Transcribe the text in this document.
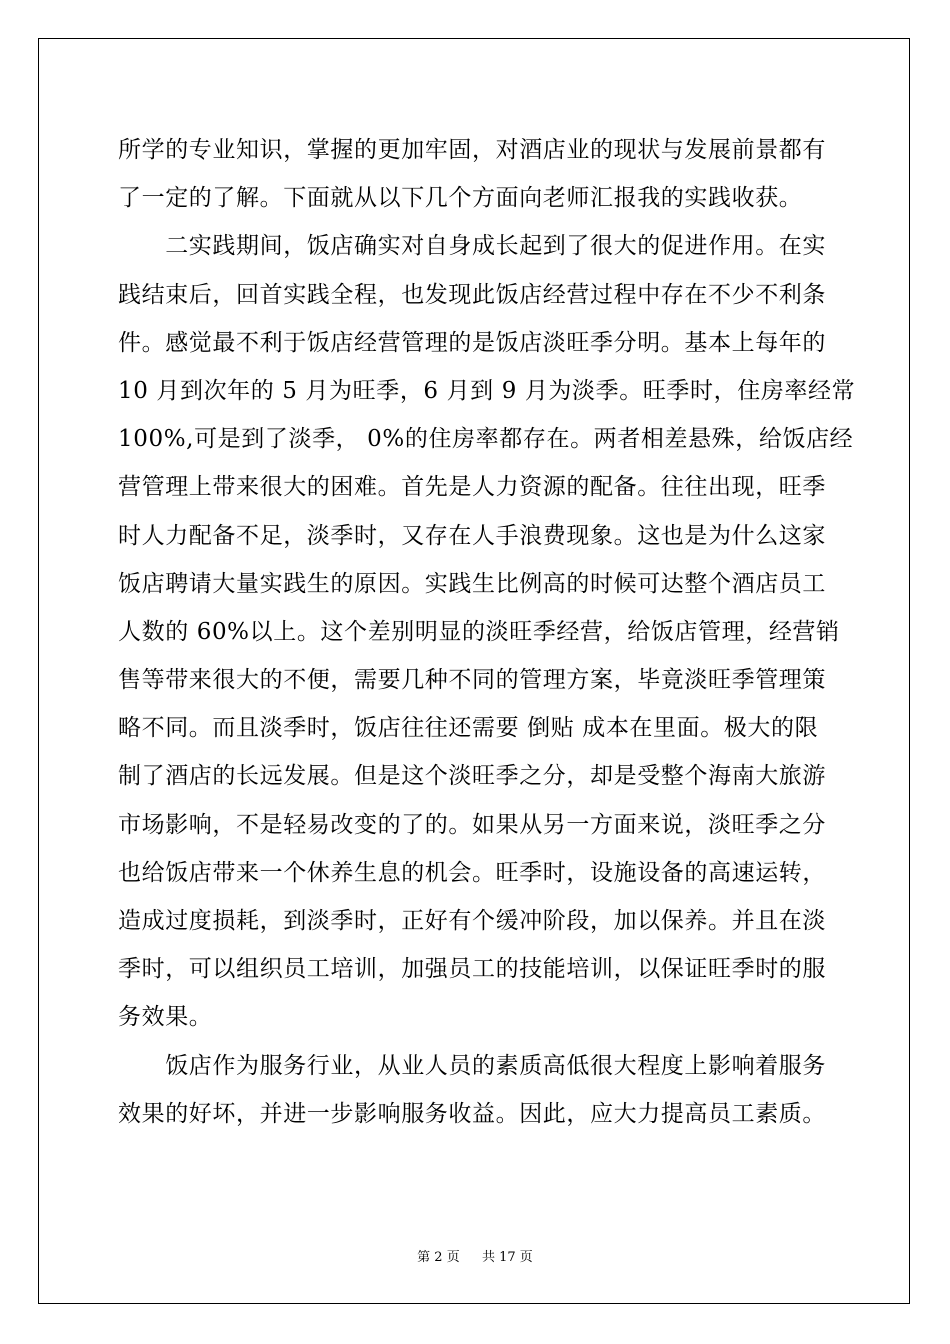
所学的专业知识，掌握的更加牢固，对酒店业的现状与发展前景都有
了一定的了解。下面就从以下几个方面向老师汇报我的实践收获。
　　二实践期间，饭店确实对自身成长起到了很大的促进作用。在实
践结束后，回首实践全程，也发现此饭店经营过程中存在不少不利条
件。感觉最不利于饭店经营管理的是饭店淡旺季分明。基本上每年的
10 月到次年的 5 月为旺季，6 月到 9 月为淡季。旺季时，住房率经常
100%,可是到了淡季， 0%的住房率都存在。两者相差悬殊，给饭店经
营管理上带来很大的困难。首先是人力资源的配备。往往出现，旺季
时人力配备不足，淡季时，又存在人手浪费现象。这也是为什么这家
饭店聘请大量实践生的原因。实践生比例高的时候可达整个酒店员工
人数的 60%以上。这个差别明显的淡旺季经营，给饭店管理，经营销
售等带来很大的不便，需要几种不同的管理方案，毕竟淡旺季管理策
略不同。而且淡季时，饭店往往还需要 倒贴 成本在里面。极大的限
制了酒店的长远发展。但是这个淡旺季之分，却是受整个海南大旅游
市场影响，不是轻易改变的了的。如果从另一方面来说，淡旺季之分
也给饭店带来一个休养生息的机会。旺季时，设施设备的高速运转，
造成过度损耗，到淡季时，正好有个缓冲阶段，加以保养。并且在淡
季时，可以组织员工培训，加强员工的技能培训，以保证旺季时的服
务效果。
　　饭店作为服务行业，从业人员的素质高低很大程度上影响着服务
效果的好坏，并进一步影响服务收益。因此，应大力提高员工素质。
第 2 页 共 17 页
